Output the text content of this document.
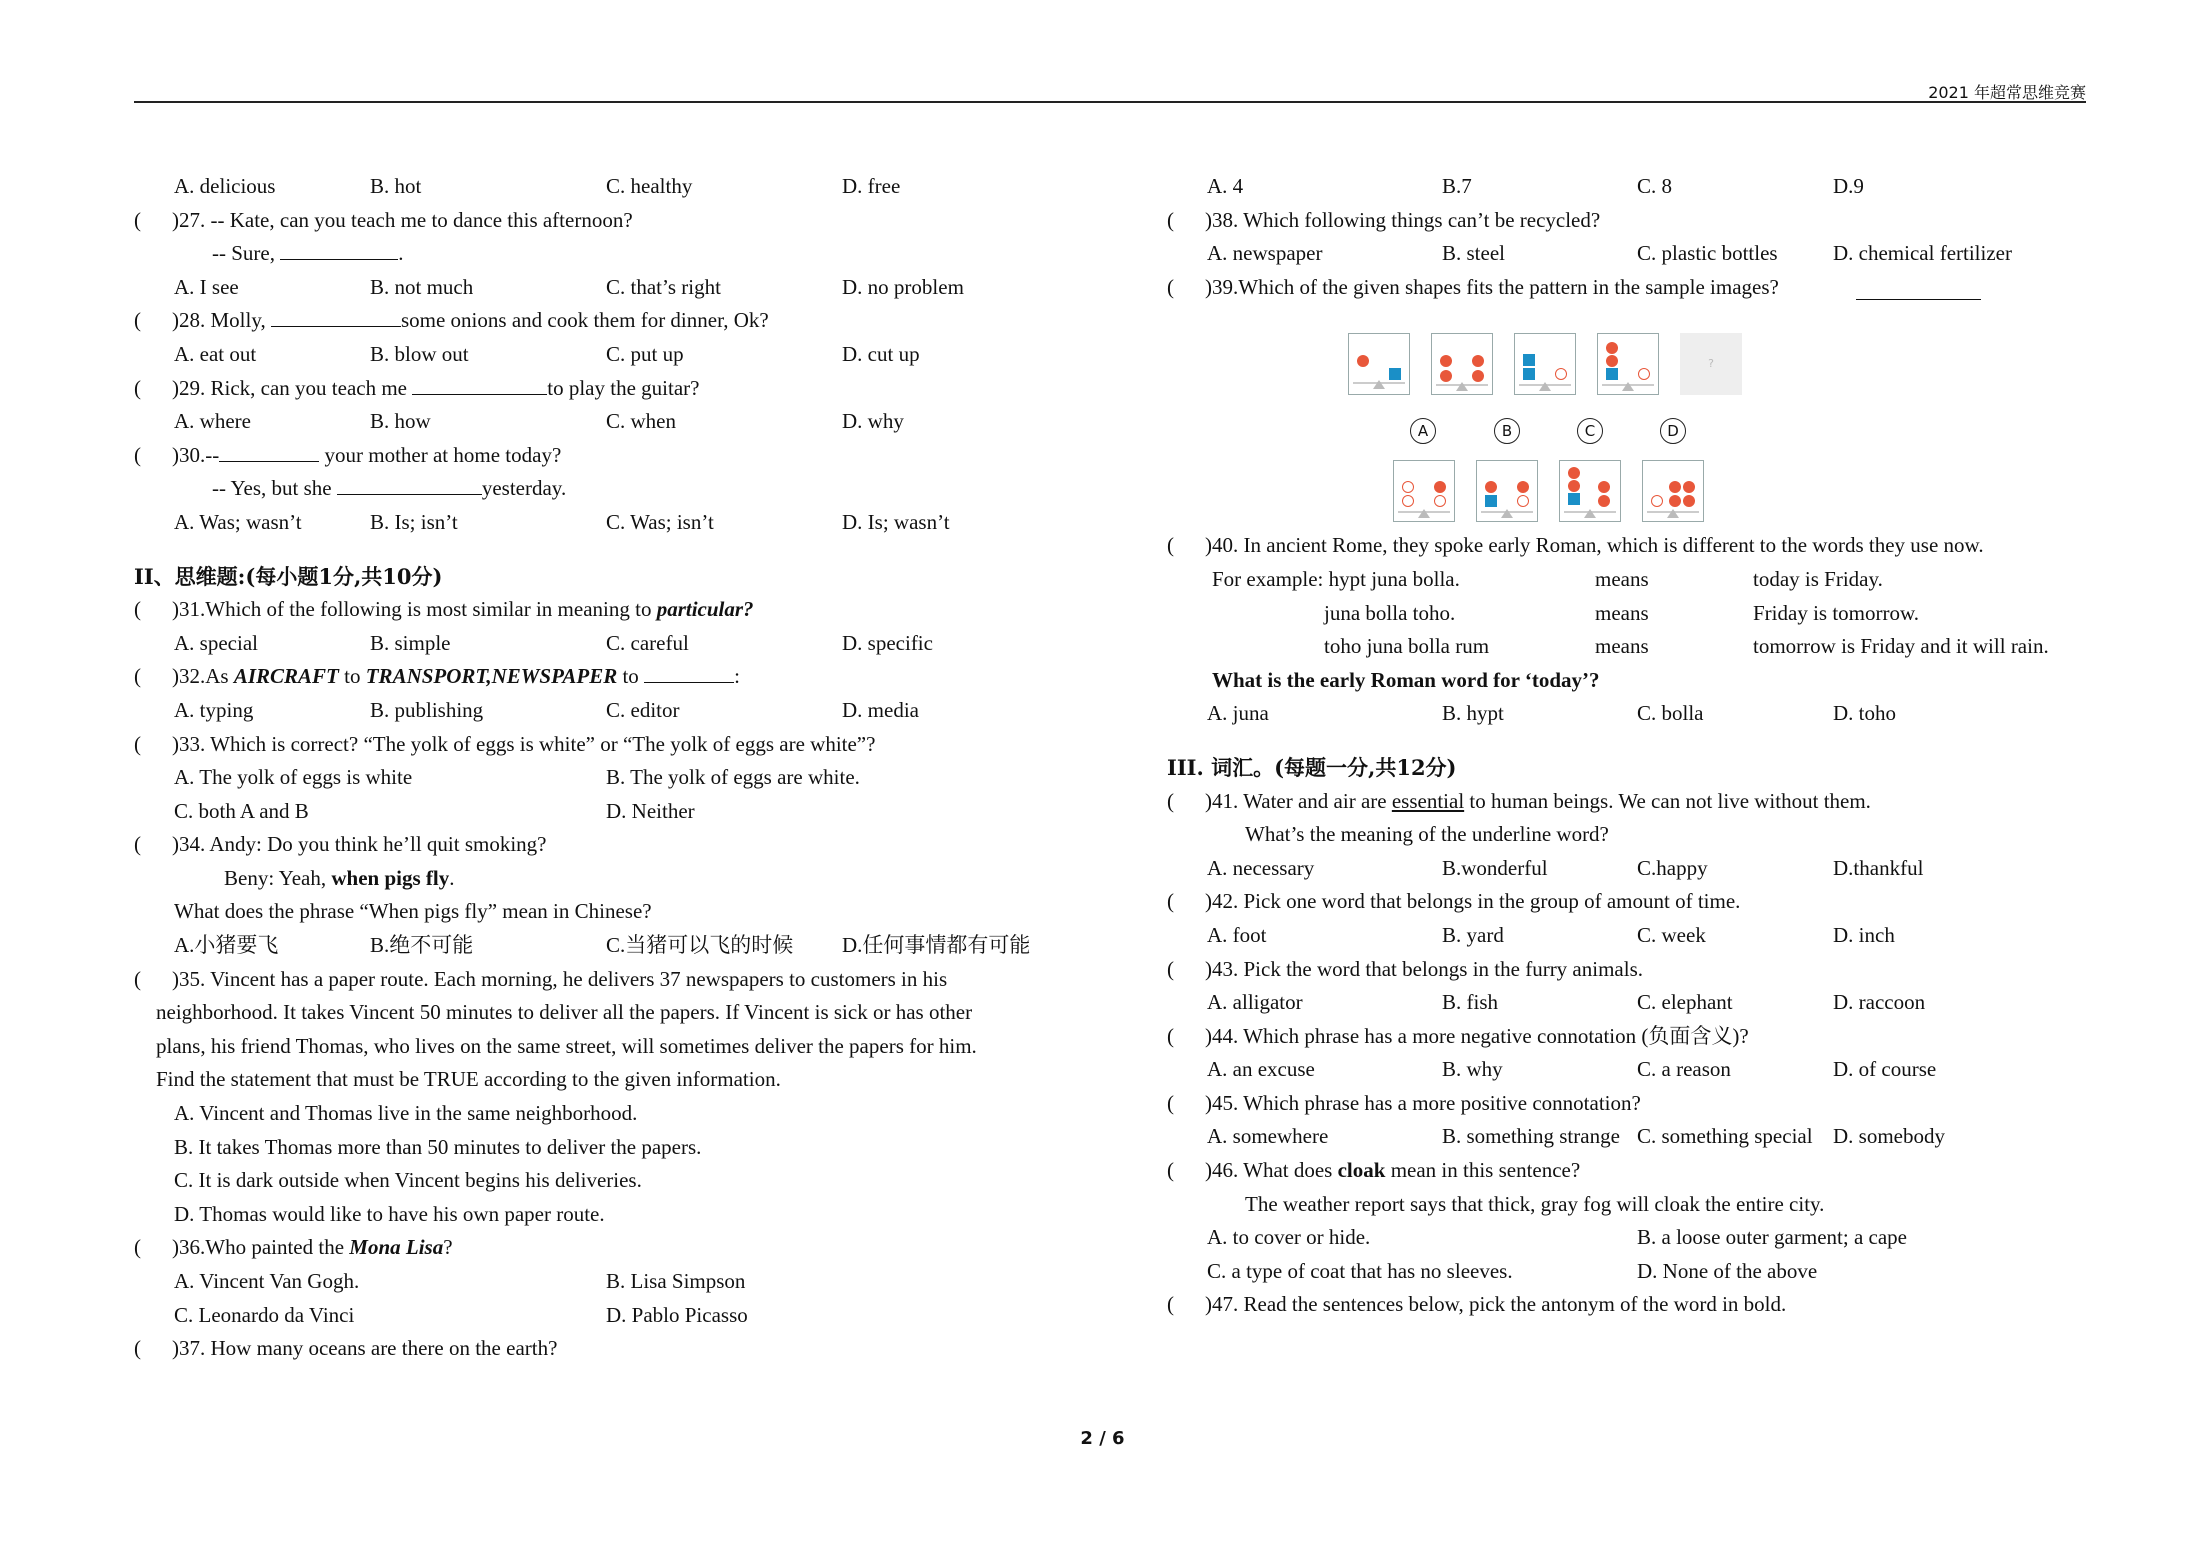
2021 年超常思维竞赛
A. delicious	B. hot	C. healthy	D. free
( )27. -- Kate, can you teach me to dance this afternoon?
-- Sure,	.
A. I see	B. not much	C. that’s right	D. no problem
( )28. Molly,	some onions and cook them for dinner, Ok?
A. eat out	B. blow out	C. put up	D. cut up
( )29. Rick, can you teach me	to play the guitar?
A. where	B. how	C. when	D. why
( )30.--	your mother at home today?
-- Yes, but she	yesterday.
A. Was; wasn’t	B. Is; isn’t	C. Was; isn’t	D. Is; wasn’t
II、思维题:(每小题1分,共10分)
( )31.Which of the following is most similar in meaning to particular?
A. special	B. simple	C. careful	D. specific
( )32.As AIRCRAFT to TRANSPORT,NEWSPAPER to	:
A. typing	B. publishing	C. editor	D. media
( )33. Which is correct? “The yolk of eggs is white” or “The yolk of eggs are white”?
A. The yolk of eggs is white	B. The yolk of eggs are white.
C. both A and B	D. Neither
( )34. Andy: Do you think he’ll quit smoking?
Beny: Yeah, when pigs fly.
What does the phrase “When pigs fly” mean in Chinese?
A.小猪要飞	B.绝不可能	C.当猪可以飞的时候 D.任何事情都有可能
( )35. Vincent has a paper route. Each morning, he delivers 37 newspapers to customers in his
neighborhood. It takes Vincent 50 minutes to deliver all the papers. If Vincent is sick or has other
plans, his friend Thomas, who lives on the same street, will sometimes deliver the papers for him.
Find the statement that must be TRUE according to the given information.
A. Vincent and Thomas live in the same neighborhood.
B. It takes Thomas more than 50 minutes to deliver the papers.
C. It is dark outside when Vincent begins his deliveries.
D. Thomas would like to have his own paper route.
( )36.Who painted the Mona Lisa?
A. Vincent Van Gogh.	B. Lisa Simpson
C. Leonardo da Vinci	D. Pablo Picasso
( )37. How many oceans are there on the earth?
A. 4	B.7	C. 8	D.9
( )38. Which following things can’t be recycled?
A. newspaper	B. steel	C. plastic bottles	D. chemical fertilizer
( )39.Which of the given shapes fits the pattern in the sample images?
?
A	B	C	D
( )40. In ancient Rome, they spoke early Roman, which is different to the words they use now.
For example: hypt juna bolla.	means	today is Friday.
juna bolla toho.	means	Friday is tomorrow.
toho juna bolla rum	means	tomorrow is Friday and it will rain.
What is the early Roman word for ‘today’?
A. juna	B. hypt	C. bolla	D. toho
III. 词汇。(每题一分,共12分)
( )41. Water and air are essential to human beings. We can not live without them.
What’s the meaning of the underline word?
A. necessary	B.wonderful	C.happy	D.thankful
( )42. Pick one word that belongs in the group of amount of time.
A. foot	B. yard	C. week	D. inch
( )43. Pick the word that belongs in the furry animals.
A. alligator	B. fish	C. elephant	D. raccoon
( )44. Which phrase has a more negative connotation (负面含义)?
A. an excuse	B. why	C. a reason	D. of course
( )45. Which phrase has a more positive connotation?
A. somewhere	B. something strange C. something special D. somebody
( )46. What does cloak mean in this sentence?
The weather report says that thick, gray fog will cloak the entire city.
A. to cover or hide.	B. a loose outer garment; a cape
C. a type of coat that has no sleeves.	D. None of the above
( )47. Read the sentences below, pick the antonym of the word in bold.
2 / 6
